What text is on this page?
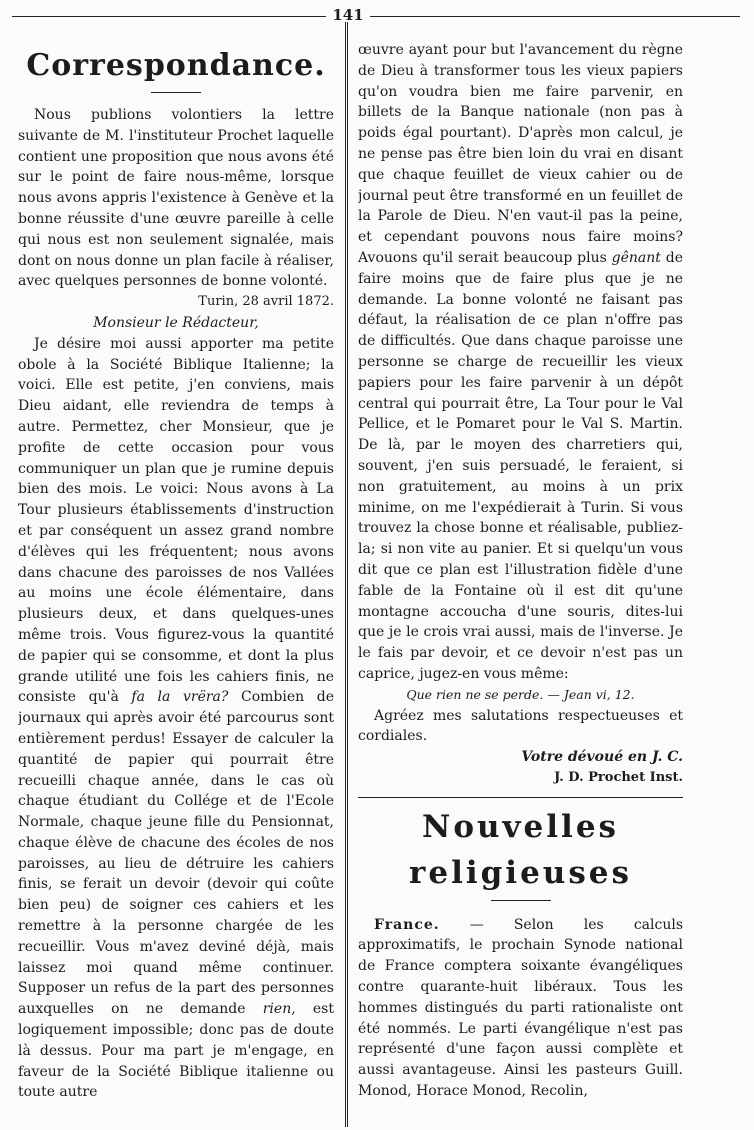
141
Correspondance.

Nous publions volontiers la lettre suivante de M. l'instituteur Prochet laquelle contient une proposition que nous avons été sur le point de faire nous-même, lorsque nous avons appris l'existence à Genève et la bonne réussite d'une œuvre pareille à celle qui nous est non seulement signalée, mais dont on nous donne un plan facile à réaliser, avec quelques personnes de bonne volonté.

Turin, 28 avril 1872.

Monsieur le Rédacteur,

Je désire moi aussi apporter ma petite obole à la Société Biblique Italienne; la voici. Elle est petite, j'en conviens, mais Dieu aidant, elle reviendra de temps à autre. Permettez, cher Monsieur, que je profite de cette occasion pour vous communiquer un plan que je rumine depuis bien des mois. Le voici: Nous avons à La Tour plusieurs établissements d'instruction et par conséquent un assez grand nombre d'élèves qui les fréquentent; nous avons dans chacune des paroisses de nos Vallées au moins une école élémentaire, dans plusieurs deux, et dans quelques-unes même trois. Vous figurez-vous la quantité de papier qui se consomme, et dont la plus grande utilité une fois les cahiers finis, ne consiste qu'à fa la vrëra? Combien de journaux qui après avoir été parcourus sont entièrement perdus! Essayer de calculer la quantité de papier qui pourrait être recueilli chaque année, dans le cas où chaque étudiant du Collége et de l'Ecole Normale, chaque jeune fille du Pensionnat, chaque élève de chacune des écoles de nos paroisses, au lieu de détruire les cahiers finis, se ferait un devoir (devoir qui coûte bien peu) de soigner ces cahiers et les remettre à la personne chargée de les recueillir. Vous m'avez deviné déjà, mais laissez moi quand même continuer. Supposer un refus de la part des personnes auxquelles on ne demande rien, est logiquement impossible; donc pas de doute là dessus. Pour ma part je m'engage, en faveur de la Société Biblique italienne ou toute autre

œuvre ayant pour but l'avancement du règne de Dieu à transformer tous les vieux papiers qu'on voudra bien me faire parvenir, en billets de la Banque nationale (non pas à poids égal pourtant). D'après mon calcul, je ne pense pas être bien loin du vrai en disant que chaque feuillet de vieux cahier ou de journal peut être transformé en un feuillet de la Parole de Dieu. N'en vaut-il pas la peine, et cependant pouvons nous faire moins? Avouons qu'il serait beaucoup plus gênant de faire moins que de faire plus que je ne demande. La bonne volonté ne faisant pas défaut, la réalisation de ce plan n'offre pas de difficultés. Que dans chaque paroisse une personne se charge de recueillir les vieux papiers pour les faire parvenir à un dépôt central qui pourrait être, La Tour pour le Val Pellice, et le Pomaret pour le Val S. Martin. De là, par le moyen des charretiers qui, souvent, j'en suis persuadé, le feraient, si non gratuitement, au moins à un prix minime, on me l'expédierait à Turin. Si vous trouvez la chose bonne et réalisable, publiez-la; si non vite au panier. Et si quelqu'un vous dit que ce plan est l'illustration fidèle d'une fable de la Fontaine où il est dit qu'une montagne accoucha d'une souris, dites-lui que je le crois vrai aussi, mais de l'inverse. Je le fais par devoir, et ce devoir n'est pas un caprice, jugez-en vous même:

Que rien ne se perde. — Jean vi, 12.

Agréez mes salutations respectueuses et cordiales.

Votre dévoué en J. C.

J. D. Prochet Inst.

Nouvelles religieuses

France. — Selon les calculs approximatifs, le prochain Synode national de France comptera soixante évangéliques contre quarante-huit libéraux. Tous les hommes distingués du parti rationaliste ont été nommés. Le parti évangélique n'est pas représenté d'une façon aussi complète et aussi avantageuse. Ainsi les pasteurs Guill. Monod, Horace Monod, Recolin,
